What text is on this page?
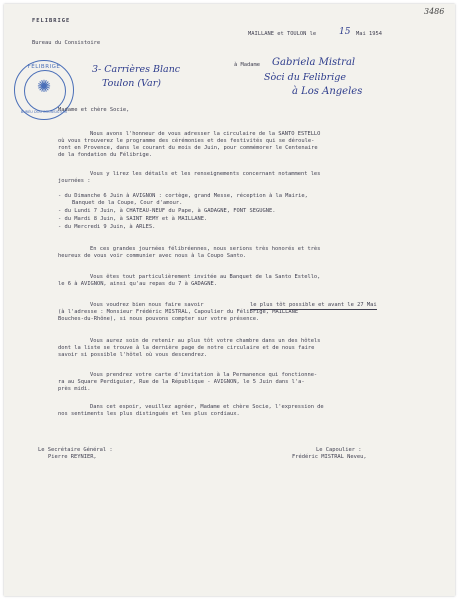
3486
FELIBRIGE
Bureau du Consistoire
MAILLANE et TOULON le	15 Mai 1954
FÉLIBRIGE
✺
BURÈU DOU COUNSISTÒRI
à Madame Gabriela Mistral
Sòci du Felibrige
à Los Angeles
3- Carrières Blanc
Toulon (Var)
Madame et chère Socie,
Nous avons l'honneur de vous adresser la circulaire de la SANTO ESTELLO
où vous trouverez le programme des cérémonies et des festivités qui se déroule-
ront en Provence, dans le courant du mois de Juin, pour commémorer le Centenaire
de la fondation du Félibrige.
Vous y lirez les détails et les renseignements concernant notamment les
journées :
- du Dimanche 6 Juin à AVIGNON : cortège, grand Messe, réception à la Mairie,
Banquet de la Coupe, Cour d'amour.
- du Lundi 7 Juin, à CHATEAU-NEUF du Pape, à GADAGNE, FONT SEGUGNE.
- du Mardi 8 Juin, à SAINT REMY et à MAILLANE.
- du Mercredi 9 Juin, à ARLES.
En ces grandes journées félibréennes, nous serions très honorés et très
heureux de vous voir communier avec nous à la Coupo Santo.
Vous êtes tout particulièrement invitée au Banquet de la Santo Estello,
le 6 à AVIGNON, ainsi qu'au repas du 7 à GADAGNE.
Vous voudrez bien nous faire savoir	le plus tôt possible et avant le 27 Mai
(à l'adresse : Monsieur Frédéric MISTRAL, Capoulier du Félibrige, MAILLANE
Bouches-du-Rhône), si nous pouvons compter sur votre présence.
Vous aurez soin de retenir au plus tôt votre chambre dans un des hôtels
dont la liste se trouve à la dernière page de notre circulaire et de nous faire
savoir si possible l'hôtel où vous descendrez.
Vous prendrez votre carte d'invitation à la Permanence qui fonctionne-
ra au Square Perdiguier, Rue de la République - AVIGNON, le 5 Juin dans l'a-
près midi.
Dans cet espoir, veuillez agréer, Madame et chère Socie, l'expression de
nos sentiments les plus distingués et les plus cordiaux.
Le Secrétaire Général :
Pierre REYNIER,
Le Capoulier :
Frédéric MISTRAL Neveu,
